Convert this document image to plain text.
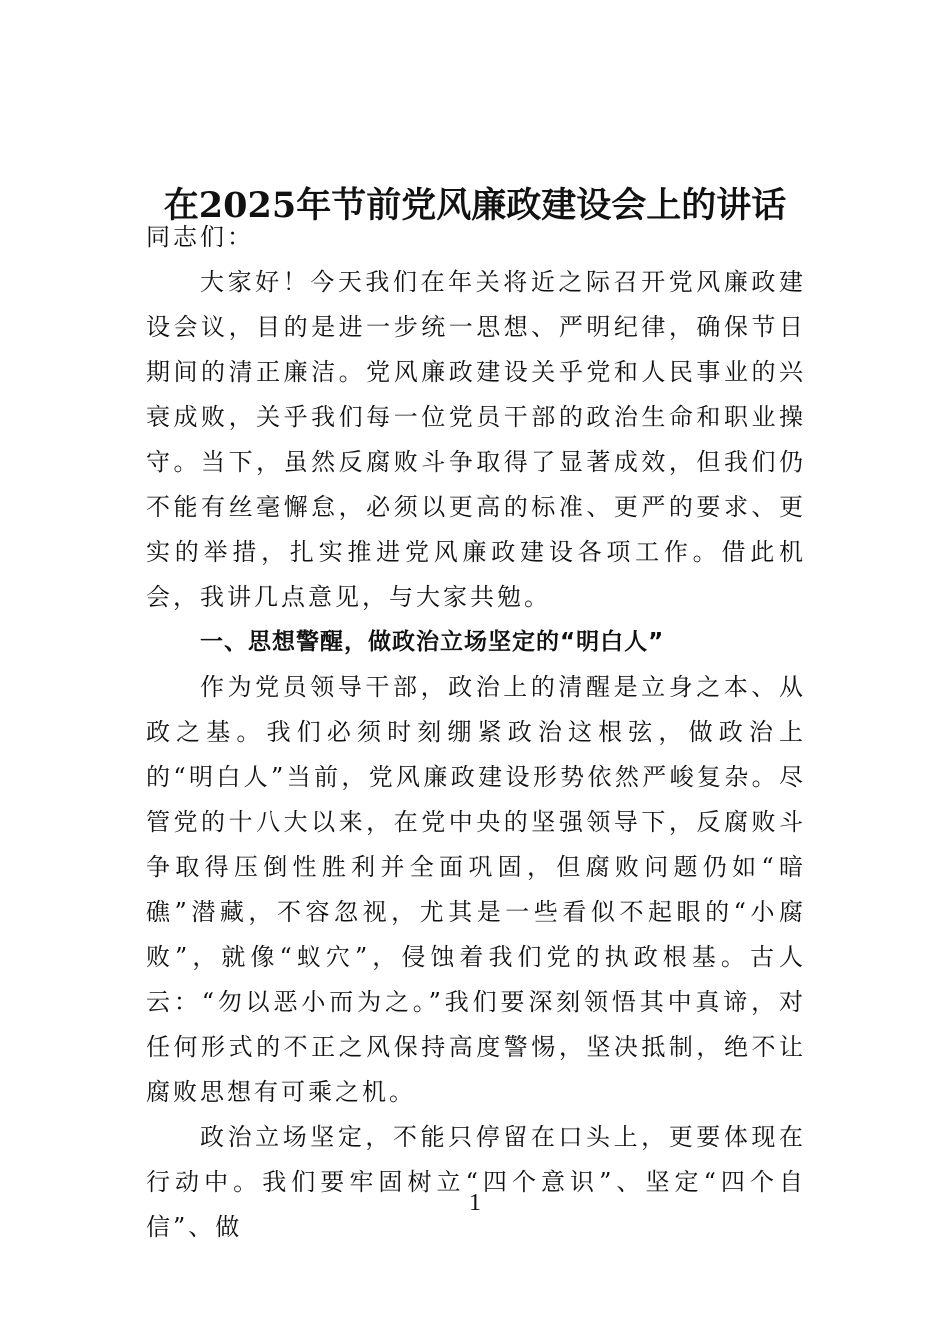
在2025年节前党风廉政建设会上的讲话

同志们：

大家好！今天我们在年关将近之际召开党风廉政建设会议，目的是进一步统一思想、严明纪律，确保节日期间的清正廉洁。党风廉政建设关乎党和人民事业的兴衰成败，关乎我们每一位党员干部的政治生命和职业操守。当下，虽然反腐败斗争取得了显著成效，但我们仍不能有丝毫懈怠，必须以更高的标准、更严的要求、更实的举措，扎实推进党风廉政建设各项工作。借此机会，我讲几点意见，与大家共勉。

一、思想警醒，做政治立场坚定的“明白人”

作为党员领导干部，政治上的清醒是立身之本、从政之基。我们必须时刻绷紧政治这根弦，做政治上的“明白人”当前，党风廉政建设形势依然严峻复杂。尽管党的十八大以来，在党中央的坚强领导下，反腐败斗争取得压倒性胜利并全面巩固，但腐败问题仍如“暗礁”潜藏，不容忽视，尤其是一些看似不起眼的“小腐败”，就像“蚁穴”，侵蚀着我们党的执政根基。古人云：“勿以恶小而为之。”我们要深刻领悟其中真谛，对任何形式的不正之风保持高度警惕，坚决抵制，绝不让腐败思想有可乘之机。

政治立场坚定，不能只停留在口头上，更要体现在行动中。我们要牢固树立“四个意识”、坚定“四个自信”、做

1
